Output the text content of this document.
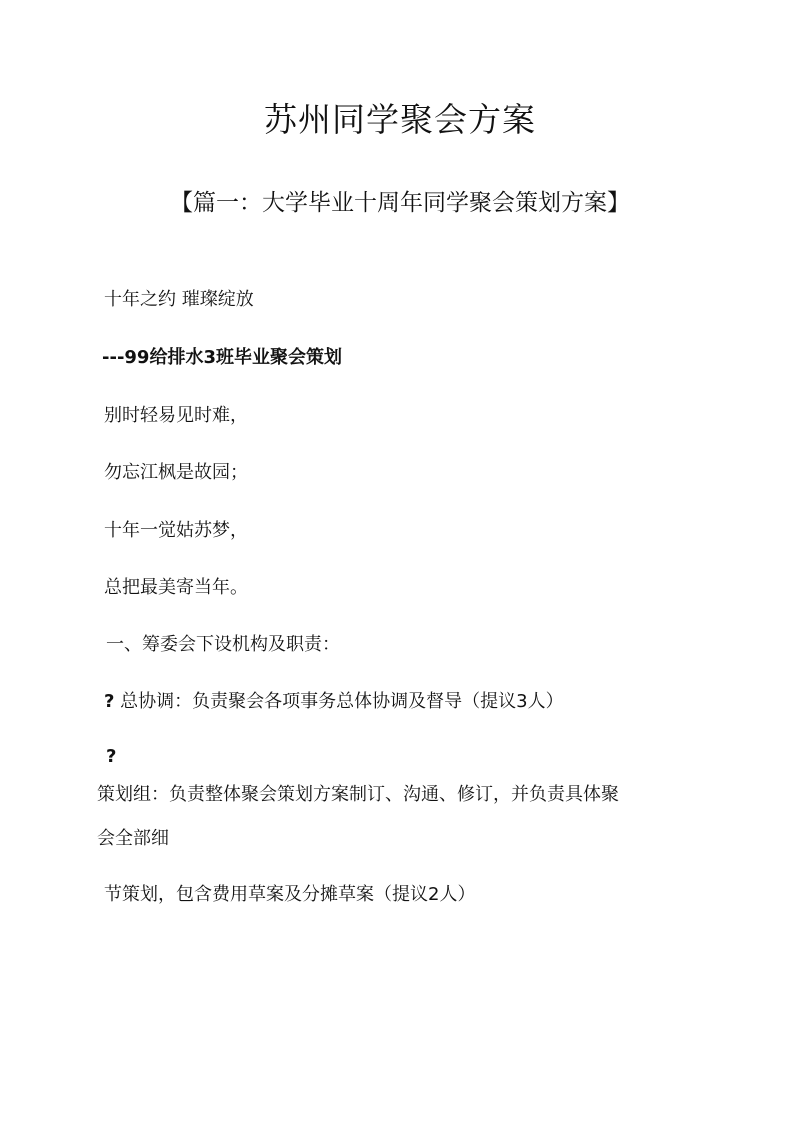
苏州同学聚会方案
【篇一：大学毕业十周年同学聚会策划方案】

十年之约 璀璨绽放

---99给排水3班毕业聚会策划

别时轻易见时难，

勿忘江枫是故园；

十年一觉姑苏梦，

总把最美寄当年。

一、筹委会下设机构及职责：

? 总协调：负责聚会各项事务总体协调及督导（提议3人）

?

策划组：负责整体聚会策划方案制订、沟通、修订，并负责具体聚

会全部细

节策划，包含费用草案及分摊草案（提议2人）
